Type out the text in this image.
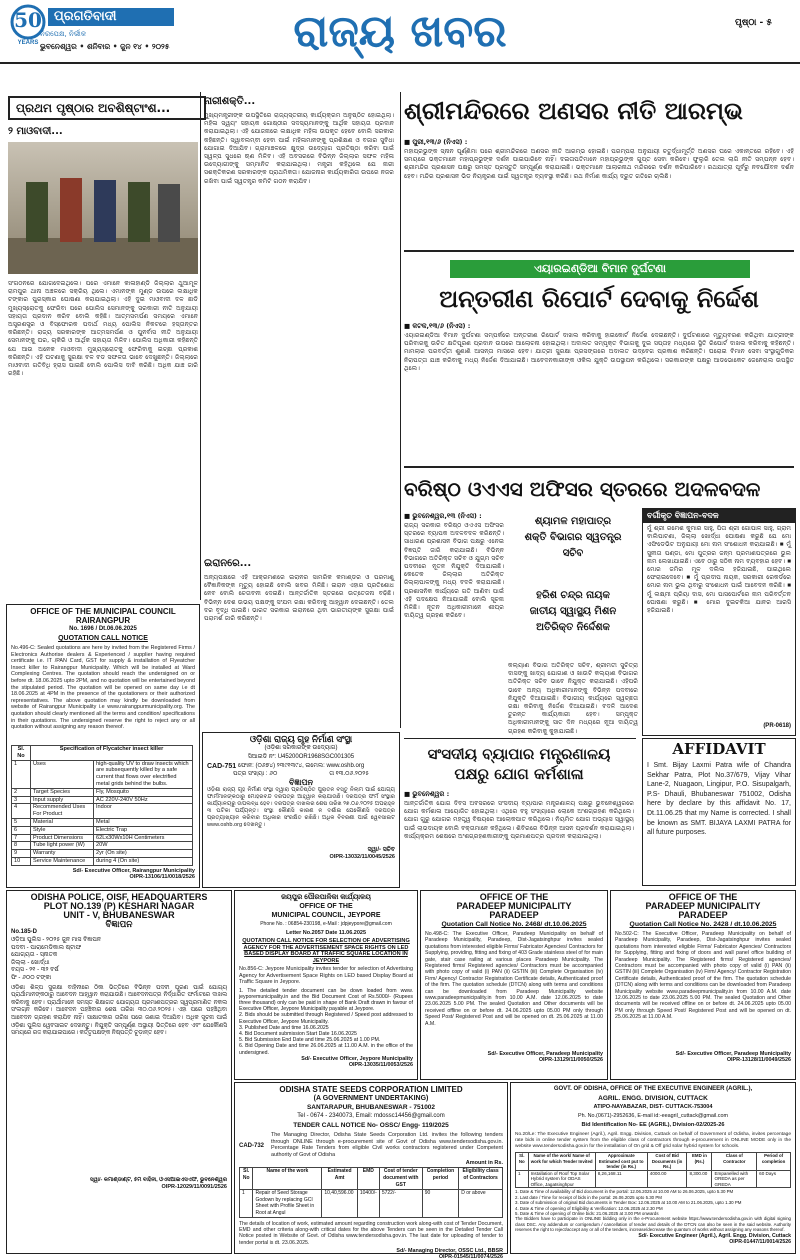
50
YEARS
ପ୍ରଗତିବାଦୀ
ନିରପେକ୍ଷ, ନିର୍ଭୀକ
ଭୁବନେଶ୍ୱର • ଶନିବାର • ଜୁନ ୧୪ • ୨୦୨୫	ରାଜ୍ୟ ଖବର	ପୃଷ୍ଠା - ୫
ପ୍ରଥମ ପୃଷ୍ଠାର ଅବଶିଷ୍ଟାଂଶ...
୨ ମାଓବାଦୀ...
ସଂଗଠନରେ ଯୋଗଦେଇଥିଲେ। ପରେ ଏମାନେ କାଳାହାଣ୍ଡି ଜିଲ୍ଲାର ଥୁଆମୂଳ ରାମପୁର ଥାନା ଅଞ୍ଚଳରେ ସକ୍ରିୟ ଥିଲେ। ଏମାନଙ୍କ ମୁଣ୍ଡ ଉପରେ ଲକ୍ଷାଧିକ ଟଙ୍କାର ପୁରସ୍କାର ଘୋଷଣା କରାଯାଇଥିଲା। ଏହି ଦୁଇ ମାଓବାଦୀ ଦଳ ଛାଡି ମୁଖ୍ୟସ୍ରୋତକୁ ଫେରିବା ପରେ ପୋଲିସ ସେମାନଙ୍କୁ ସରକାରୀ ନୀତି ଅନୁଯାୟୀ ସହାୟତା ପ୍ରଦାନ କରିବ ବୋଲି କହିଛି। ଆତ୍ମସମର୍ପଣ ସମୟରେ ଏମାନେ ଅସ୍ତ୍ରଶସ୍ତ୍ର ଓ ବିସ୍ଫୋରକ ପଦାର୍ଥ ମଧ୍ୟ ପୋଲିସ ନିକଟରେ ହସ୍ତାନ୍ତର କରିଛନ୍ତି। ରାଜ୍ୟ ସରକାରଙ୍କ ଆତ୍ମସମର୍ପଣ ଓ ପୁନର୍ବାସ ନୀତି ଅନୁଯାୟୀ ସେମାନଙ୍କୁ ଘର, ଚାକିରି ଓ ଆର୍ଥିକ ସହାୟତା ମିଳିବ। ପୋଲିସ ଅଧିକାରୀ କହିଛନ୍ତି ଯେ ଆଉ ଅନେକ ମାଓବାଦୀ ମୁଖ୍ୟସ୍ରୋତକୁ ଫେରିବାକୁ ଇଚ୍ଛା ପ୍ରକାଶ କରିଛନ୍ତି। ଏହି ଘଟଣାକୁ ସୁରକ୍ଷା ବଳ ବଡ ସଫଳତା ଭାବେ ଦେଖୁଛନ୍ତି। ଜିଲ୍ଲାରେ ମାଓବାଦୀ ଗତିବିଧି ହ୍ରାସ ପାଇଛି ବୋଲି ପୋଲିସ ଦାବି କରିଛି। ଅଧିକ ଯାଞ୍ଚ ଜାରି ରହିଛି।
ନାରୀଶକ୍ତି...
ମୁଖ୍ୟମନ୍ତ୍ରୀଙ୍କ ଉପସ୍ଥିତିରେ ରାଜ୍ୟସ୍ତରୀୟ କାର୍ଯ୍ୟକ୍ରମ ଅନୁଷ୍ଠିତ ହୋଇଥିଲା। ମହିଳା ସ୍ୱୟଂ ସହାୟକ ଗୋଷ୍ଠୀର ସଦସ୍ୟମାନଙ୍କୁ ଆର୍ଥିକ ସହାୟତା ପ୍ରଦାନ କରାଯାଇଥିଲା। ଏହି ଯୋଜନାରେ ଲକ୍ଷାଧିକ ମହିଳା ଉପକୃତ ହେବେ ବୋଲି ସରକାର କହିଛନ୍ତି। ସ୍ୱାବଲମ୍ବୀ ହେବା ପାଇଁ ମହିଳାମାନଙ୍କୁ ପ୍ରଶିକ୍ଷଣ ଓ ବଜାର ସୁବିଧା ଯୋଗାଇ ଦିଆଯିବ। ଗ୍ରାମାଞ୍ଚଳରେ କ୍ଷୁଦ୍ର ଉଦ୍ୟୋଗ ପ୍ରତିଷ୍ଠା କରିବା ପାଇଁ ସ୍ୱଳ୍ପ ସୁଧରେ ଋଣ ମିଳିବ। ଏହି ଅବସରରେ ବିଭିନ୍ନ ଜିଲ୍ଲାର ସଫଳ ମହିଳା ଉଦ୍ୟୋଗୀଙ୍କୁ ସମ୍ମାନିତ କରାଯାଇଥିଲା। ମନ୍ତ୍ରୀ କହିଥିଲେ ଯେ ନାରୀ ସଶକ୍ତିକରଣ ସରକାରଙ୍କ ପ୍ରାଥମିକତା। ଯୋଜନାର କାର୍ଯ୍ୟକାରିତା ଉପରେ ନଜର ରଖିବା ପାଇଁ ସ୍ୱତନ୍ତ୍ର କମିଟି ଗଠନ କରାଯିବ।
ଇରାନରେ...
ଅନ୍ୟପକ୍ଷରେ ଏହି ଆକ୍ରମଣରେ ଇରାନର ସାମରିକ କମାଣ୍ଡର ଓ ପରମାଣୁ ବୈଜ୍ଞାନିକଙ୍କ ମୃତ୍ୟୁ ହୋଇଛି ବୋଲି ଖବର ମିଳିଛି। ଇରାନ ଏହାର ପ୍ରତିଶୋଧ ନେବ ବୋଲି ଚେତାବନୀ ଦେଇଛି। ଆନ୍ତର୍ଜାତିକ ସ୍ତରରେ ଉତ୍ତେଜନା ବଢିଛି। ବିଭିନ୍ନ ଦେଶ ଉଭୟ ପକ୍ଷଙ୍କୁ ସଂଯମ ରକ୍ଷା କରିବାକୁ ଆହ୍ୱାନ ଦେଇଛନ୍ତି। ତେଲ ଦର ବୃଦ୍ଧି ପାଇଛି। ଭାରତ ସରକାର ଇରାନରେ ଥିବା ଭାରତୀୟଙ୍କ ସୁରକ୍ଷା ପାଇଁ ପରାମର୍ଶ ଜାରି କରିଛନ୍ତି।
ଶ୍ରୀମନ୍ଦିରରେ ଅଣସର ନୀତି ଆରମ୍ଭ
■ ପୁରୀ,୧୩/୬ (ନିଏସ) :
ମହାପ୍ରଭୁଙ୍କ ସ୍ନାନ ପୂର୍ଣ୍ଣିମା ପରେ ଶ୍ରୀମନ୍ଦିରରେ ଅଣସର ନୀତି ଆରମ୍ଭ ହୋଇଛି। ପରମ୍ପରା ଅନୁଯାୟୀ ଚତୁର୍ଦ୍ଧାମୂର୍ତ୍ତି ଅଣସର ଘରେ ଏକାନ୍ତରେ ରହିବେ। ଏହି ସମୟରେ ଭକ୍ତମାନେ ମହାପ୍ରଭୁଙ୍କ ଦର୍ଶନ ପାଇପାରିବେ ନାହିଁ। ଦଇତାପତିମାନେ ମହାପ୍ରଭୁଙ୍କ ଗୁପ୍ତ ସେବା କରିବେ। ଫୁଲୁରି ତେଲ ଲାଗି ନୀତି ସମ୍ପନ୍ନ ହେବ। ଶ୍ରୀମନ୍ଦିର ପ୍ରଶାସନ ପକ୍ଷରୁ ସମସ୍ତ ପ୍ରସ୍ତୁତି ସମ୍ପୂର୍ଣ୍ଣ କରାଯାଇଛି। ଭକ୍ତମାନେ ଆଲାରନାଥ ମନ୍ଦିରରେ ଦର୍ଶନ କରିପାରିବେ। ରଥଯାତ୍ରା ପୂର୍ବରୁ ନବଯୌବନ ଦର୍ଶନ ହେବ। ମନ୍ଦିର ପ୍ରଶାସନ ଭିଡ ନିୟନ୍ତ୍ରଣ ପାଇଁ ସ୍ୱତନ୍ତ୍ର ବ୍ୟବସ୍ଥା କରିଛି। ରଥ ନିର୍ମାଣ କାର୍ଯ୍ୟ ଦ୍ରୁତ ଗତିରେ ଚାଲିଛି।
ଏୟାରଇଣ୍ଡିଆ ବିମାନ ଦୁର୍ଘଟଣା
ଅନ୍ତରୀଣ ରିପୋର୍ଟ ଦେବାକୁ ନିର୍ଦ୍ଦେଶ
■ କଟକ,୧୩/୬ (ନିଏସ) :
ଏୟାରଇଣ୍ଡିଆ ବିମାନ ଦୁର୍ଘଟଣା ସମ୍ପର୍କରେ ଅନ୍ତରୀଣ ରିପୋର୍ଟ ଦାଖଲ କରିବାକୁ ହାଇକୋର୍ଟ ନିର୍ଦ୍ଦେଶ ଦେଇଛନ୍ତି। ଦୁର୍ଘଟଣାରେ ମୃତ୍ୟୁବରଣ କରିଥିବା ଯାତ୍ରୀଙ୍କ ପରିବାରକୁ ଉଚିତ କ୍ଷତିପୂରଣ ପ୍ରଦାନ ଉପରେ ଆଲୋଚନା ହୋଇଥିଲା। ଅଦାଲତ ସମ୍ପୃକ୍ତ ବିଭାଗକୁ ଦୁଇ ସପ୍ତାହ ମଧ୍ୟରେ ସ୍ଥିତି ରିପୋର୍ଟ ଦାଖଲ କରିବାକୁ କହିଛନ୍ତି। ମାମଲାର ପରବର୍ତ୍ତୀ ଶୁଣାଣି ଆସନ୍ତା ମାସରେ ହେବ। ଯାତ୍ରୀ ସୁରକ୍ଷା ପ୍ରସଙ୍ଗରେ ଅଦାଲତ ଉଦ୍‌ବେଗ ପ୍ରକାଶ କରିଛନ୍ତି। ଘରୋଇ ବିମାନ ସେବା ସଂସ୍ଥାଗୁଡିକର ନିରାପତ୍ତା ଯାଞ୍ଚ କରିବାକୁ ମଧ୍ୟ ନିର୍ଦ୍ଦେଶ ଦିଆଯାଇଛି। ଆବେଦନକାରୀଙ୍କ ଓକିଲ ଯୁକ୍ତି ଉପସ୍ଥାପନ କରିଥିଲେ। ସରକାରଙ୍କ ପକ୍ଷରୁ ଆଡଭୋକେଟ ଜେନେରାଲ ଉପସ୍ଥିତ ଥିଲେ।
ବରିଷ୍ଠ ଓଏଏସ ଅଫିସର ସ୍ତରରେ ଅଦଳବଦଳ
■ ଭୁବନେଶ୍ୱର,୧୩ (ନିଏସ) :
ରାଜ୍ୟ ସରକାର ବରିଷ୍ଠ ଓଏଏସ ଅଫିସର ସ୍ତରରେ ବ୍ୟାପକ ଅଦଳବଦଳ କରିଛନ୍ତି। ସାଧାରଣ ପ୍ରଶାସନ ବିଭାଗ ପକ୍ଷରୁ ଏନେଇ ବିଜ୍ଞପ୍ତି ଜାରି କରାଯାଇଛି। ବିଭିନ୍ନ ବିଭାଗରେ ଅତିରିକ୍ତ ସଚିବ ଓ ଯୁଗ୍ମ ସଚିବ ପଦବୀରେ ନୂତନ ନିଯୁକ୍ତି ଦିଆଯାଇଛି। କେତେକ ଜିଲ୍ଲାର ଅତିରିକ୍ତ ଜିଲ୍ଲାପାଳଙ୍କୁ ମଧ୍ୟ ବଦଳି କରାଯାଇଛି। ପ୍ରଶାସନିକ କାର୍ଯ୍ୟରେ ଗତି ଆଣିବା ପାଇଁ ଏହି ପଦକ୍ଷେପ ନିଆଯାଇଛି ବୋଲି ସୂଚନା ମିଳିଛି। ନୂତନ ଅଧିକାରୀମାନେ ଶୀଘ୍ର ଦାୟିତ୍ୱ ଗ୍ରହଣ କରିବେ।
ଶ୍ୟାମଳ ମହାପାତ୍ର
ଶକ୍ତି ବିଭାଗର ସ୍ୱତନ୍ତ୍ର
ସଚିବ
ହରିଶ ଚନ୍ଦ୍ର ନାୟକ
ଜାତୀୟ ସ୍ୱାସ୍ଥ୍ୟ ମିଶନ
ଅତିରିକ୍ତ ନିର୍ଦ୍ଦେଶକ
କଲ୍ୟାଣ ବିଭାଗ ଅତିରିକ୍ତ ସଚିବ, ଶ୍ରୀମତୀ ସୁଚିତ୍ରା ଦାସଙ୍କୁ ଖାଦ୍ୟ ଯୋଗାଣ ଓ ଖାଉଟି କଲ୍ୟାଣ ବିଭାଗର ଅତିରିକ୍ତ ସଚିବ ଭାବେ ନିଯୁକ୍ତ କରାଯାଇଛି। ଏହିପରି ଭାବେ ଅନ୍ୟ ଅଧିକାରୀମାନଙ୍କୁ ବିଭିନ୍ନ ପଦବୀରେ ନିଯୁକ୍ତି ଦିଆଯାଇଛି। ବିଭାଗୀୟ କାର୍ଯ୍ୟରେ ସ୍ୱଚ୍ଛତା ରକ୍ଷା କରିବାକୁ ନିର୍ଦ୍ଦେଶ ଦିଆଯାଇଛି। ବଦଳି ଆଦେଶ ତୁରନ୍ତ କାର୍ଯ୍ୟକାରୀ ହେବ। ସମ୍ପୃକ୍ତ ଅଧିକାରୀମାନଙ୍କୁ ସାତ ଦିନ ମଧ୍ୟରେ ନୂଆ ଦାୟିତ୍ୱ ଗ୍ରହଣ କରିବାକୁ କୁହାଯାଇଛି।
ସଂସଦୀୟ ବ୍ୟାପାର ମନ୍ତ୍ରଣାଳୟ
ପକ୍ଷରୁ ଯୋଗ କର୍ମଶାଳା
■ ଭୁବନେଶ୍ୱର :
ଆନ୍ତର୍ଜାତିକ ଯୋଗ ଦିବସ ଅବସରରେ ସଂସଦୀୟ ବ୍ୟାପାର ମନ୍ତ୍ରଣାଳୟ ପକ୍ଷରୁ ଭୁବନେଶ୍ୱରରେ ଯୋଗ କର୍ମଶାଳା ଆୟୋଜିତ ହୋଇଥିଲା। ଏଥିରେ ବହୁ ସଂଖ୍ୟାରେ ଲୋକେ ଅଂଶଗ୍ରହଣ କରିଥିଲେ। ଯୋଗ ଗୁରୁ ଯୋଗର ମହତ୍ତ୍ୱ ବିଷୟରେ ଆଲୋକପାତ କରିଥିଲେ। ନିୟମିତ ଯୋଗ ଅଭ୍ୟାସ ସ୍ୱାସ୍ଥ୍ୟ ପାଇଁ ଲାଭଦାୟକ ବୋଲି ବକ୍ତାମାନେ କହିଥିଲେ। ଶିବିରରେ ବିଭିନ୍ନ ଆସନ ପ୍ରଦର୍ଶନ କରାଯାଇଥିଲା। କାର୍ଯ୍ୟକ୍ରମ ଶେଷରେ ଅଂଶଗ୍ରହଣକାରୀଙ୍କୁ ପ୍ରମାଣପତ୍ର ପ୍ରଦାନ କରାଯାଇଥିଲା।
ବର୍ଗୀକୃତ ବିଜ୍ଞାପନ-ବଦଳ
ମୁଁ ଶ୍ରୀ ରମେଶ କୁମାର ସାହୁ, ପିତା ଶ୍ରୀ ଗୋପାଳ ସାହୁ, ଗ୍ରାମ ବାଲିପାଟଣା, ଜିଲ୍ଲା ଖୋର୍ଦ୍ଧା ଘୋଷଣା କରୁଛି ଯେ ମୋ ଏଫିଡେଭିଟ ଅନୁଯାୟୀ ମୋ ନାମ ସଂଶୋଧନ କରାଯାଇଛି। ■ ମୁଁ ସୁନୀତା ପଣ୍ଡା, ମୋ ପୁତ୍ରର ଜନ୍ମ ପ୍ରମାଣପତ୍ରରେ ଭୁଲ ନାମ ଲେଖାଯାଇଛି। ଏବେ ଠାରୁ ସଠିକ ନାମ ବ୍ୟବହାର ହେବ। ■ ମୋର ଜମିର ମୂଳ ଦଲିଲ ହଜିଯାଇଛି, ପାଇଥିଲେ ଫେରାଇଦେବେ। ■ ମୁଁ ପ୍ରଦୀପ ନାୟକ, ସରକାରୀ ରେକର୍ଡରେ ମୋର ନାମ ଭୁଲ ଥିବାରୁ ସଂଶୋଧନ ପାଇଁ ଆବେଦନ କରିଛି। ■ ମୁଁ ଲକ୍ଷ୍ମୀ ପ୍ରିୟା ଦାସ, ମୋ ପାସପୋର୍ଟରେ ନାମ ପରିବର୍ତ୍ତନ ଘୋଷଣା କରୁଛି। ■ ମୋର ଦୁଇଚକିଆ ଯାନର ଆରସି ହଜିଯାଇଛି।
(PR-0618)
AFFIDAVIT
I Smt. Bijay Laxmi Patra wife of Chandra Sekhar Patra, Plot No.37/679, Vijay Vihar Lane-2, Nuagaon, Lingipur, P.O. Sisupalgarh, P.S- Dhauli, Bhubaneswar 751002, Odisha here by declare by this affidavit No. 17, Dt.11.06.25 that my Name is corrected. I shall be known as SMT. BIJAYA LAXMI PATRA for all future purposes.
OFFICE OF THE MUNICIPAL COUNCIL
RAIRANGPUR
No. 1696 / Dt.06.06.2025
QUOTATION CALL NOTICE
No.496-C: Sealed quotations are here by invited from the Registered Firms / Electronics Authorise dealers & Experienced / supplier having required certificate i.e. IT /PAN Card, GST for supply & installation of Flyeatcher Insect killer to Rairangpur Municipality. Which will be installed at Ward Complexing Centres. The quotation should reach the undersigned on or before dt. 18.06.2025 upto 2PM, and no quotation will be entertained beyond the stipulated period. The quotation will be opened on same day i.e dt 18.06.2025 at 4PM in the presence of the quotationers or their authorized representatives. The above quotation may kindly be downloaded from website of Rairangpur Municipality i.e www.rairangpurmunicipality.org. The quotation should clearly mentioned all the terms and condition/ specifications in their quotations. The undersigned reserve the right to reject any or all quotation without assigning any reason thereof.
Sl. No	Specification of Flycatcher insect killer	
1	Uses	high-quality UV to draw insects which are subsequently killed by a safe current that flows over electrified metal grids behind the bulbs.
2	Target Species	Fly, Mosquito
3	Input supply	AC 220V-240V 50Hz
4	Recommended Uses For Product	Indoor
5	Material	Metal
6	Style	Electric Trap
7	Product Dimensions	62Lx30Wx10H Centimeters
8	Tube light power (W)	20W
9	Warranty	2yr (On site)
10	Service Maintenance	during 4 (On site)
Sd/- Executive Officer, Rairangpur Municipality
OIPR-13106/11/0018/2526
CAD-751
ଓଡ଼ିଶା ରାଜ୍ୟ ଗୃହ ନିର୍ମାଣ ସଂସ୍ଥା
(ଓଡ଼ିଶା ସରକାରଙ୍କ ଉଦ୍ୟୋଗ)
ସିଆଇଡି ନଂ: U45200OR1968SGC001305
ଫୋନ: (୦୬୭୪) ୨୩୯୧୩୯୪, ଇମେଲ: www.oshb.org
ପତ୍ର ସଂଖ୍ୟା : ୬୦	ତା ୧୩.୦୬.୨୦୨୫
ବିଜ୍ଞାପନ
ଓଡ଼ିଶା ରାଜ୍ୟ ଗୃହ ନିର୍ମାଣ ସଂସ୍ଥା ଦ୍ୱାରା ପ୍ରତିଷ୍ଠିତ ପୁରାତନ ବସ୍ତୁ ନିଲାମ ପାଇଁ ଯୋଗ୍ୟ ଫାର୍ମମାନଙ୍କଠାରୁ ମୋହରବନ୍ଦ ଦରପତ୍ର ଆହ୍ୱାନ କରାଯାଉଛି। ଦରପତ୍ର ଫର୍ମ ସଂସ୍ଥାର କାର୍ଯ୍ୟାଳୟରୁ ଉପଲବ୍ଧ ହେବ। ଦରପତ୍ର ଦାଖଲର ଶେଷ ତାରିଖ ୨୭.୦୬.୨୦୨୫ ଅପରାହ୍ନ ୩ ଘଟିକା ପର୍ଯ୍ୟନ୍ତ। ସଂସ୍ଥା କୌଣସି କାରଣ ନ ଦର୍ଶାଇ ଯେକୌଣସି ଦରପତ୍ର ପ୍ରତ୍ୟାଖ୍ୟାନ କରିବାର ଅଧିକାର ସଂରକ୍ଷିତ ରଖିଛି। ଅଧିକ ବିବରଣୀ ପାଇଁ ୱେବସାଇଟ www.oshb.org ଦେଖନ୍ତୁ।
ସ୍ୱା/- ସଚିବ
OIPR-13032/11/0045/2526
ODISHA POLICE, OISF, HEADQUARTERS
PLOT NO.139 (P) KESHARI NAGAR
UNIT - V, BHUBANESWAR
ବିଜ୍ଞାପନ
No.185-D
ଓଡ଼ିଆ ପୁଲିସ - ୨୦୨୫ ଜୁନ ମାସ ବିଜ୍ଞାପନ
ପଦବୀ - ପାରାମେଡିକାଲ ଷ୍ଟାଫ
ଯୋଗ୍ୟତା - ସ୍ନାତକ
ଜିଲ୍ଲା - ଖୋର୍ଦ୍ଧା
ବୟସ - ୨୧ - ୩୨ ବର୍ଷ
ଫି - ୬୦୦ ଟଙ୍କା
ଓଡ଼ିଶା ଶିଳ୍ପ ସୁରକ୍ଷା ବାହିନୀରେ ଠିକା ଭିତ୍ତିରେ ବିଭିନ୍ନ ପଦବୀ ପୂରଣ ପାଇଁ ଯୋଗ୍ୟ ପ୍ରାର୍ଥୀମାନଙ୍କଠାରୁ ଆବେଦନ ଆହ୍ୱାନ କରାଯାଉଛି। ଆବେଦନପତ୍ର ନିର୍ଦ୍ଧାରିତ ଫର୍ମାଟରେ ଦାଖଲ କରିବାକୁ ହେବ। ପ୍ରାର୍ଥୀମାନେ ସମସ୍ତ ଶିକ୍ଷାଗତ ଯୋଗ୍ୟତା ପ୍ରମାଣପତ୍ରର ସ୍ୱପ୍ରମାଣିତ ନକଲ ସଂଲଗ୍ନ କରିବେ। ଆବେଦନ ପହଞ୍ଚିବାର ଶେଷ ତାରିଖ ୩୦.୦୬.୨୦୨୫। ଏହା ପରେ ପହଞ୍ଚିଥିବା ଆବେଦନ ଗ୍ରହଣ କରାଯିବ ନାହିଁ। ସାକ୍ଷାତକାର ତାରିଖ ପରେ ଜଣାଇ ଦିଆଯିବ। ଅଧିକ ସୂଚନା ପାଇଁ ଓଡ଼ିଶା ପୁଲିସ ୱେବସାଇଟ ଦେଖନ୍ତୁ। ନିଯୁକ୍ତି ସମ୍ପୂର୍ଣ୍ଣ ଅସ୍ଥାୟୀ ଭିତ୍ତିରେ ହେବ ଏବଂ ଯେକୌଣସି ସମୟରେ ରଦ୍ଦ କରାଯାଇପାରେ। କର୍ତ୍ତୃପକ୍ଷଙ୍କ ନିଷ୍ପତ୍ତି ଚୂଡ଼ାନ୍ତ ହେବ।
ସ୍ୱା/- କମାଣ୍ଡାଣ୍ଟ, ୫ମ ବାହିନୀ, ଓଏସଆଇଏସଏଫ, ଭୁବନେଶ୍ୱର
OIPR-12029/11/0091/2526
ଜୟପୁର ପୌରପାଳିକା କାର୍ଯ୍ୟାଳୟ
OFFICE OF THE
MUNICIPAL COUNCIL, JEYPORE
Phone No. : 06854-230198, e-Mail : jdpjeypore@gmail.com
Letter No.2057 Date 11.06.2025
QUOTATION CALL NOTICE FOR SELECTION OF ADVERTISING AGENCY FOR THE ADVERTISEMENT SPACE RIGHTS ON LED BASED DISPLAY BOARD AT TRAFFIC SQUARE LOCATION IN JEYPORE
No.856-C: Jeypore Municipality invites tender for selection of Advertising Agency for Advertisement Space Rights on LED based Display Board at Traffic Square in Jeypore.
1. The detailed tender document can be down loaded from www. jeyporemunicipality.in and the Bid Document Cost of Rs.5000/- (Rupees three thousand) only can be paid in shape of Bank Draft drawn in favour of Executive Officer, Jeypore Municipality payable at Jeypore.
2. Bids should be submitted through Registered / Speed post addressed to Executive Officer, Jeypore Municipality.
3. Published Date and time 16.06.2025
4. Bid Document submission Start Date 16.06.2025
5. Bid Submission End Date and time 25.06.2025 at 1.00 PM.
6. Bid Opening Date and time 26.06.2025 at 11.00 A.M. in the office of the undersigned.
Sd/- Executive Officer, Jeypore Municipality
OIPR-13035/11/0053/2526
OFFICE OF THE
PARADEEP MUNICIPALITY
PARADEEP
Quotation Call Notice No. 2468/ dt.10.06.2025
No.498-C: The Executive Officer, Paradeep Municipality on behalf of Paradeep Municipality, Paradeep, Dist-Jagatsinghpur invites sealed quotations from interested eligible Firms/ Fabricator Agencies/ Contractors for Supplying, providing, fitting and fixing of 403 Grade stainless steel of for main gate, stair case railing at various places Paradeep Municipality. The Registered firms/ Registered agencies/ Contractors must be accompanied with photo copy of valid (i) PAN (ii) GSTIN (iii) Complete Organisation (iv) Firm/ Agency/ Contractor Registration Certificate details, Authenticated proof of the firm. The quotation schedule (DTCN) along with terms and conditions can be downloaded from Paradeep Municipality website www.paradeepmunicipality.in from 10.00 A.M. date 12.06.2025 to date 23.06.2025 5.00 PM. The sealed Quotation and Other documents will be received offline on or before dt. 24.06.2025 upto 05.00 PM only through Speed Post/ Registered Post and will be opened on dt. 25.06.2025 at 11.00 A.M.
Sd/- Executive Officer, Paradeep Municipality
OIPR-13129/11/0050/2526
OFFICE OF THE
PARADEEP MUNICIPALITY
PARADEEP
Quotation Call Notice No. 2428 / dt.10.06.2025
No.502-C: The Executive Officer, Paradeep Municipality on behalf of Paradeep Municipality, Paradeep, Dist-Jagatsinghpur invites sealed quotations from interested eligible Firms/ Fabricator Agencies/ Contractors for Supplying, fitting and fixing of doors and wall panel office building of Paradeep Municipality. The Registered firms/ Registered agencies/ Contractors must be accompanied with photo copy of valid (i) PAN (ii) GSTIN (iii) Complete Organisation (iv) Firm/ Agency/ Contractor Registration Certificate details, Authenticated proof of the firm. The quotation schedule (DTCN) along with terms and conditions can be downloaded from Paradeep Municipality website www.paradeepmunicipality.in from 10.00 A.M. date 12.06.2025 to date 23.06.2025 5.00 PM. The sealed Quotation and Other documents will be received offline on or before dt. 24.06.2025 upto 05.00 PM only through Speed Post/ Registered Post and will be opened on dt. 25.06.2025 at 11.00 A.M.
Sd/- Executive Officer, Paradeep Municipality
OIPR-13128/11/0049/2526
CAD-732
ODISHA STATE SEEDS CORPORATION LIMITED
(A GOVERNMENT UNDERTAKING)
SANTARAPUR, BHUBANESWAR - 751002
Tel - 0674 - 2340073, Email: mdossc14456@gmail.com
TENDER CALL NOTICE No- OSSC/ Engg- 119/2025
The Managing Director, Odisha State Seeds Corporation Ltd. invites the following tenders through ONLINE through e-procurement site of Govt of Odisha www.tendersodisha.gov.in. Percentage Rate Tenders from eligible Civil works contractors registered under Competent authority of Govt of Odisha
Amount in Rs.
Sl. No	Name of the work	Estimated Amt	EMD	Cost of tender document with GST	Completion period	Eligibility class of Contractors
1	Repair of Seed Storage Godown by replacing GCI Sheet with Profile Sheet in Root at Angul	10,40,596.00	10400/-	5722/-	90	D or above
The details of location of work, estimated amount regarding construction work along-with cost of Tender Document, EMD and other criteria along-with critical dates for the above Tenders can be seen in the Detailed Tender Call Notice posted in Website of Govt. of Odisha www.tendersodisha.gov.in. The last date for uploading of tender to tender portal is dt. 23.06.2025.
Sd/- Managing Director, OSSC Ltd., BBSR
OIPR-01545/11/0074/2526
GOVT. OF ODISHA, OFFICE OF THE EXECUTIVE ENGINEER (AGRIL.),
AGRIL. ENGG. DIVISION, CUTTACK
ATIPO-NAYABAZAR, DIST- CUTTACK-753004
Ph. No.(0671)-2952636, E-mail id:-eeagril_cuttack@gmail.com
Bid Identification No- EE (AGRIL), Division-02/2025-26
No.20/Le: The Executive Engineer (Agril.), Agril. Engg. Division, Cuttack on behalf of Government of Odisha, invites percentage rate bids in online tender system from the eligible class of contractors through e-procurement in ONLINE MODE only in the website www.tendersodisha.gov.in for the installation of On grid & Off grid solar hybrid system for schools.
Sl. No	Name of the work/ Name of work for which Tender Invited	Approximate Estimated cost put to tender (in Rs.)	Cost of Bid Documents (in Rs.)	EMD in (Rs.)	Class of Contractor	Period of completion
1	Installation of Roof Top Solar Hybrid system for ODAS Office, Jagatsinghpur	8,26,168.11	4000.00	8,300.00	Empanelled with OREDA as per GREDA	60 Days
1. Date & Time of availability of Bid document in the portal: 12.06.2025 at 10.00 AM to 26.06.2025, upto 5.30 PM
2. Last date / Time for receipt of bids in the portal: 26.06.2025 upto 5.30 PM
3. Date of submission of original Bid documents in Tender Box: 12.06.2025 at 10.00 AM to 21.06.2025, upto 1.30 PM
4. Date & Time of opening of Eligibility & Verification: 12.06.2025 at 2.30 PM
5. Date & Time of opening of Online bids: 21.06.2025 at 3.00 PM onwards
The Bidders have to participate in ONLINE bidding only in the e-Procurement website https://www.tendersodisha.gov.in with digital signing class DSC. Any addendum or corrigendum / cancellation of tender and details of the DTCN can also be seen in the said website. Authority reserves the right to reject/accept any or all of the tenders, increase/decrease the quantum of works without assigning any reasons thereof.
Sd/- Executive Engineer (Agril.), Agril. Engg. Division, Cuttack
OIPR-01447/11/0014/2526
